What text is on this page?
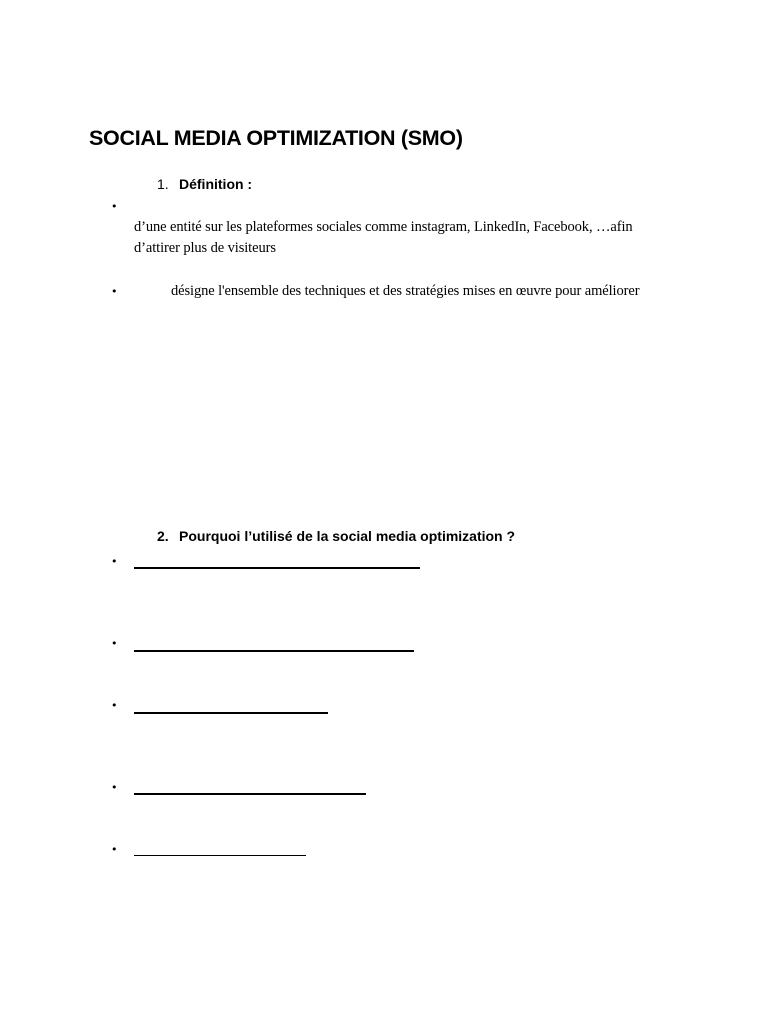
SOCIAL MEDIA OPTIMIZATION (SMO)
1. Définition :
•
d’une entité sur les plateformes sociales comme instagram, LinkedIn, Facebook, …afin
d’attirer plus de visiteurs
•	désigne l'ensemble des techniques et des stratégies mises en œuvre pour améliorer
2. Pourquoi l’utilisé de la social media optimization ?
•
•
•
•
•
